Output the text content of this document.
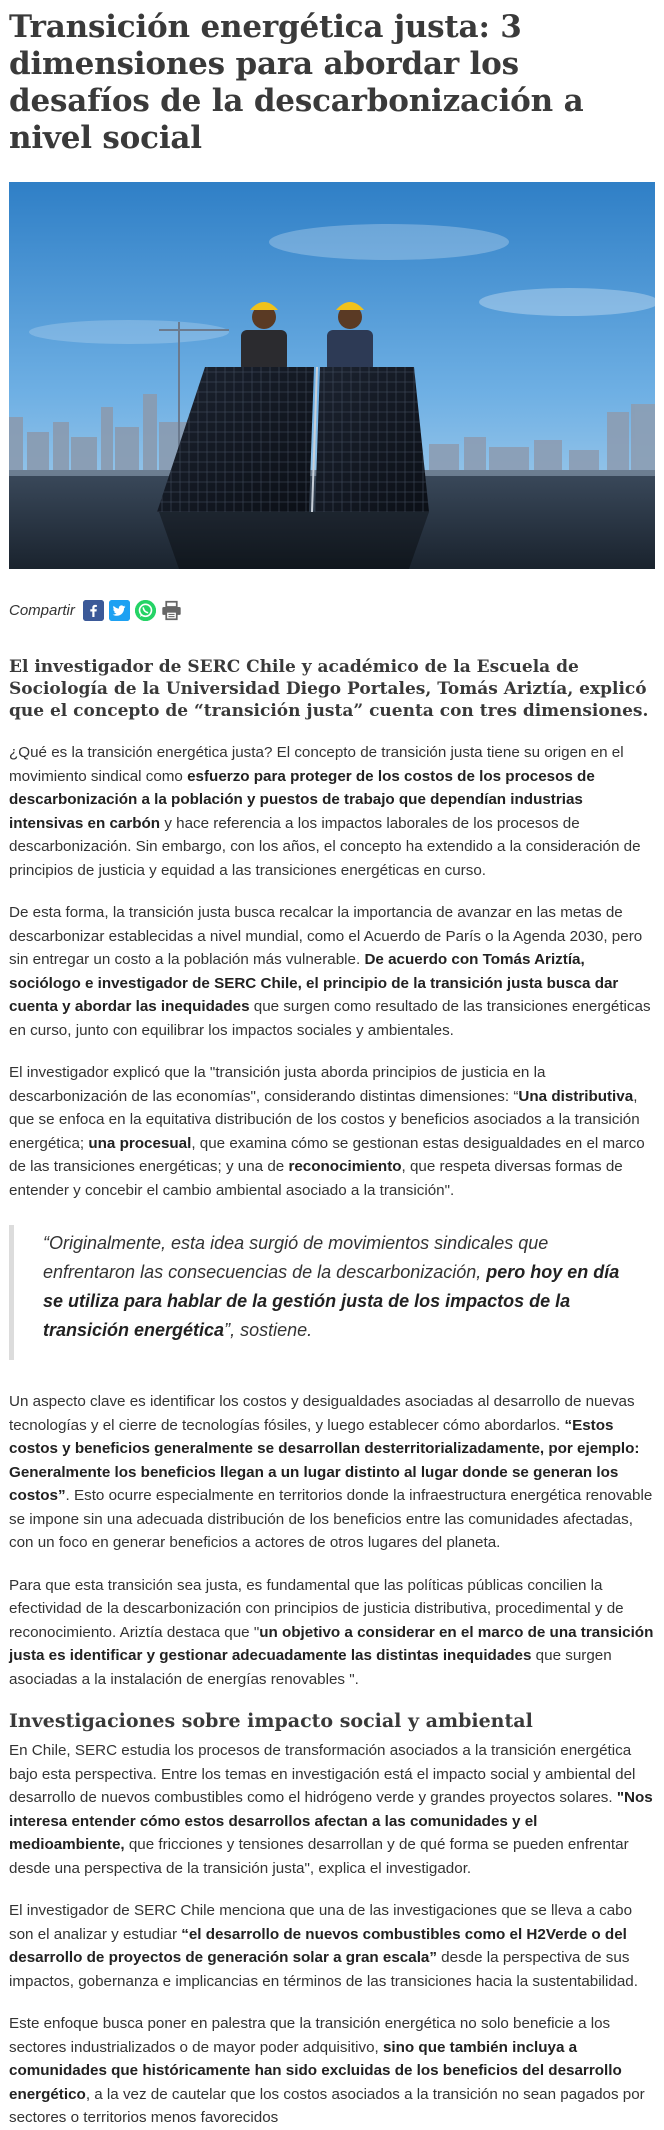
Transición energética justa: 3 dimensiones para abordar los desafíos de la descarbonización a nivel social
Compartir

El investigador de SERC Chile y académico de la Escuela de Sociología de la Universidad Diego Portales, Tomás Ariztía, explicó que el concepto de “transición justa” cuenta con tres dimensiones.

¿Qué es la transición energética justa? El concepto de transición justa tiene su origen en el movimiento sindical como esfuerzo para proteger de los costos de los procesos de descarbonización a la población y puestos de trabajo que dependían industrias intensivas en carbón y hace referencia a los impactos laborales de los procesos de descarbonización. Sin embargo, con los años, el concepto ha extendido a la consideración de principios de justicia y equidad a las transiciones energéticas en curso.

De esta forma, la transición justa busca recalcar la importancia de avanzar en las metas de descarbonizar establecidas a nivel mundial, como el Acuerdo de París o la Agenda 2030, pero sin entregar un costo a la población más vulnerable. De acuerdo con Tomás Ariztía, sociólogo e investigador de SERC Chile, el principio de la transición justa busca dar cuenta y abordar las inequidades que surgen como resultado de las transiciones energéticas en curso, junto con equilibrar los impactos sociales y ambientales.

El investigador explicó que la "transición justa aborda principios de justicia en la descarbonización de las economías", considerando distintas dimensiones: “Una distributiva, que se enfoca en la equitativa distribución de los costos y beneficios asociados a la transición energética; una procesual, que examina cómo se gestionan estas desigualdades en el marco de las transiciones energéticas; y una de reconocimiento, que respeta diversas formas de entender y concebir el cambio ambiental asociado a la transición".

“Originalmente, esta idea surgió de movimientos sindicales que enfrentaron las consecuencias de la descarbonización, pero hoy en día se utiliza para hablar de la gestión justa de los impactos de la transición energética”, sostiene.

Un aspecto clave es identificar los costos y desigualdades asociadas al desarrollo de nuevas tecnologías y el cierre de tecnologías fósiles, y luego establecer cómo abordarlos. “Estos costos y beneficios generalmente se desarrollan desterritorializadamente, por ejemplo: Generalmente los beneficios llegan a un lugar distinto al lugar donde se generan los costos”. Esto ocurre especialmente en territorios donde la infraestructura energética renovable se impone sin una adecuada distribución de los beneficios entre las comunidades afectadas, con un foco en generar beneficios a actores de otros lugares del planeta.

Para que esta transición sea justa, es fundamental que las políticas públicas concilien la efectividad de la descarbonización con principios de justicia distributiva, procedimental y de reconocimiento. Ariztía destaca que "un objetivo a considerar en el marco de una transición justa es identificar y gestionar adecuadamente las distintas inequidades que surgen asociadas a la instalación de energías renovables ".

Investigaciones sobre impacto social y ambiental

En Chile, SERC estudia los procesos de transformación asociados a la transición energética bajo esta perspectiva. Entre los temas en investigación está el impacto social y ambiental del desarrollo de nuevos combustibles como el hidrógeno verde y grandes proyectos solares. "Nos interesa entender cómo estos desarrollos afectan a las comunidades y el medioambiente, que fricciones y tensiones desarrollan y de qué forma se pueden enfrentar desde una perspectiva de la transición justa", explica el investigador.

El investigador de SERC Chile menciona que una de las investigaciones que se lleva a cabo son el analizar y estudiar “el desarrollo de nuevos combustibles como el H2Verde o del desarrollo de proyectos de generación solar a gran escala” desde la perspectiva de sus impactos, gobernanza e implicancias en términos de las transiciones hacia la sustentabilidad.

Este enfoque busca poner en palestra que la transición energética no solo beneficie a los sectores industrializados o de mayor poder adquisitivo, sino que también incluya a comunidades que históricamente han sido excluidas de los beneficios del desarrollo energético, a la vez de cautelar que los costos asociados a la transición no sean pagados por sectores o territorios menos favorecidos
